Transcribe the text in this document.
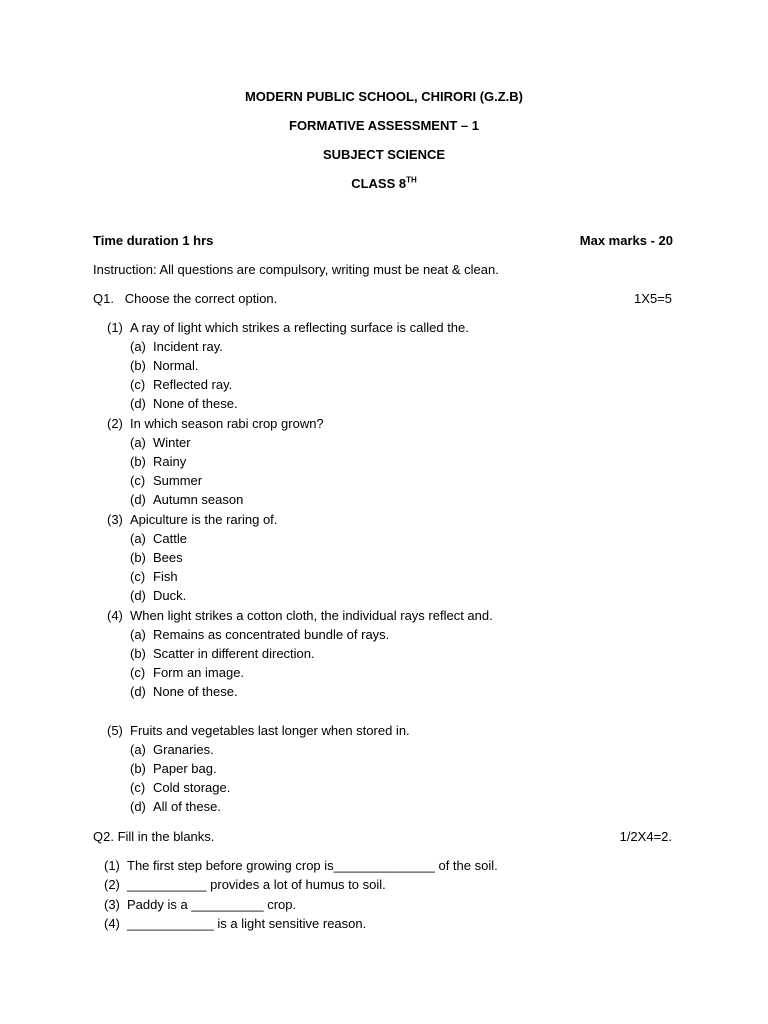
MODERN PUBLIC SCHOOL, CHIRORI (G.Z.B)
FORMATIVE ASSESSMENT – 1
SUBJECT SCIENCE
CLASS 8TH
Time duration 1 hrs	Max marks - 20
Instruction: All questions are compulsory, writing must be neat & clean.
Q1.   Choose the correct option.	1X5=5
(1) A ray of light which strikes a reflecting surface is called the.
(a) Incident ray.
(b) Normal.
(c) Reflected ray.
(d) None of these.
(2) In which season rabi crop grown?
(a) Winter
(b) Rainy
(c) Summer
(d) Autumn season
(3) Apiculture is the raring of.
(a) Cattle
(b) Bees
(c) Fish
(d) Duck.
(4) When light strikes a cotton cloth, the individual rays reflect and.
(a) Remains as concentrated bundle of rays.
(b) Scatter in different direction.
(c) Form an image.
(d) None of these.
(5) Fruits and vegetables last longer when stored in.
(a) Granaries.
(b) Paper bag.
(c) Cold storage.
(d) All of these.
Q2. Fill in the blanks.	1/2X4=2.
(1) The first step before growing crop is______________ of the soil.
(2) ___________ provides a lot of humus to soil.
(3) Paddy is a __________ crop.
(4) ____________ is a light sensitive reason.
